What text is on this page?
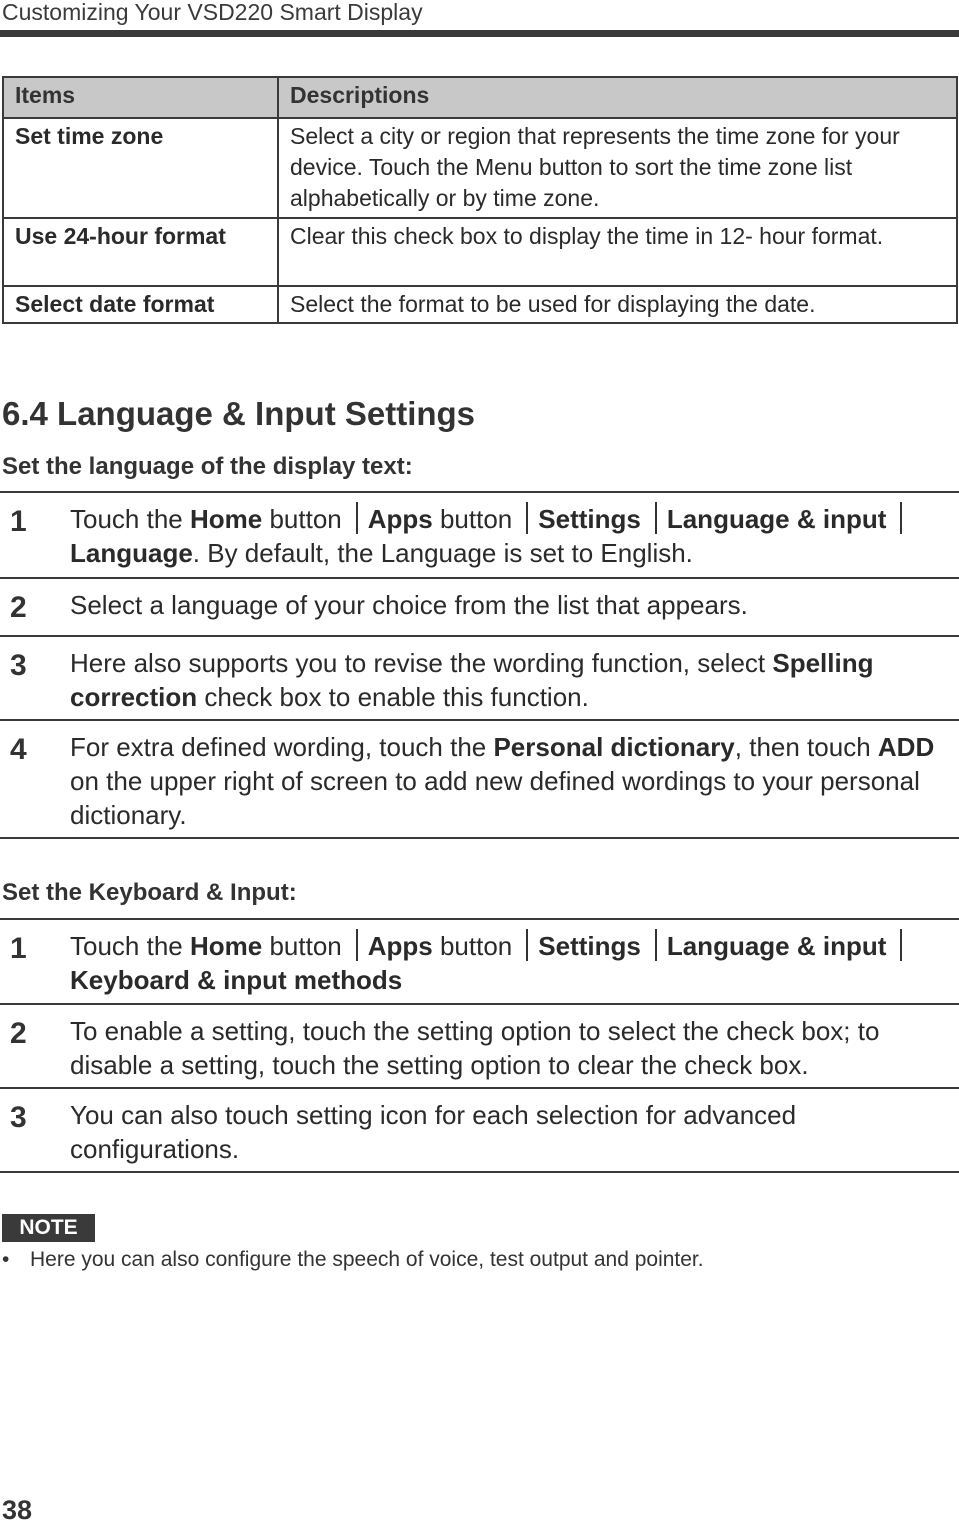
Customizing Your VSD220 Smart Display
Items	Descriptions
Set time zone	Select a city or region that represents the time zone for your device. Touch the Menu button to sort the time zone list alphabetically or by time zone.
Use 24-hour format	Clear this check box to display the time in 12- hour format.
Select date format	Select the format to be used for displaying the date.
6.4 Language & Input Settings
Set the language of the display text:
1 Touch the Home button Apps button Settings Language & inputLanguage. By default, the Language is set to English.
2 Select a language of your choice from the list that appears.
3 Here also supports you to revise the wording function, select Spelling correction check box to enable this function.
4 For extra defined wording, touch the Personal dictionary, then touch ADD on the upper right of screen to add new defined wordings to your personal dictionary.
Set the Keyboard & Input:
1 Touch the Home button Apps button Settings Language & inputKeyboard & input methods
2 To enable a setting, touch the setting option to select the check box; to disable a setting, touch the setting option to clear the check box.
3 You can also touch setting icon for each selection for advanced configurations.
NOTE
• Here you can also configure the speech of voice, test output and pointer.
38
